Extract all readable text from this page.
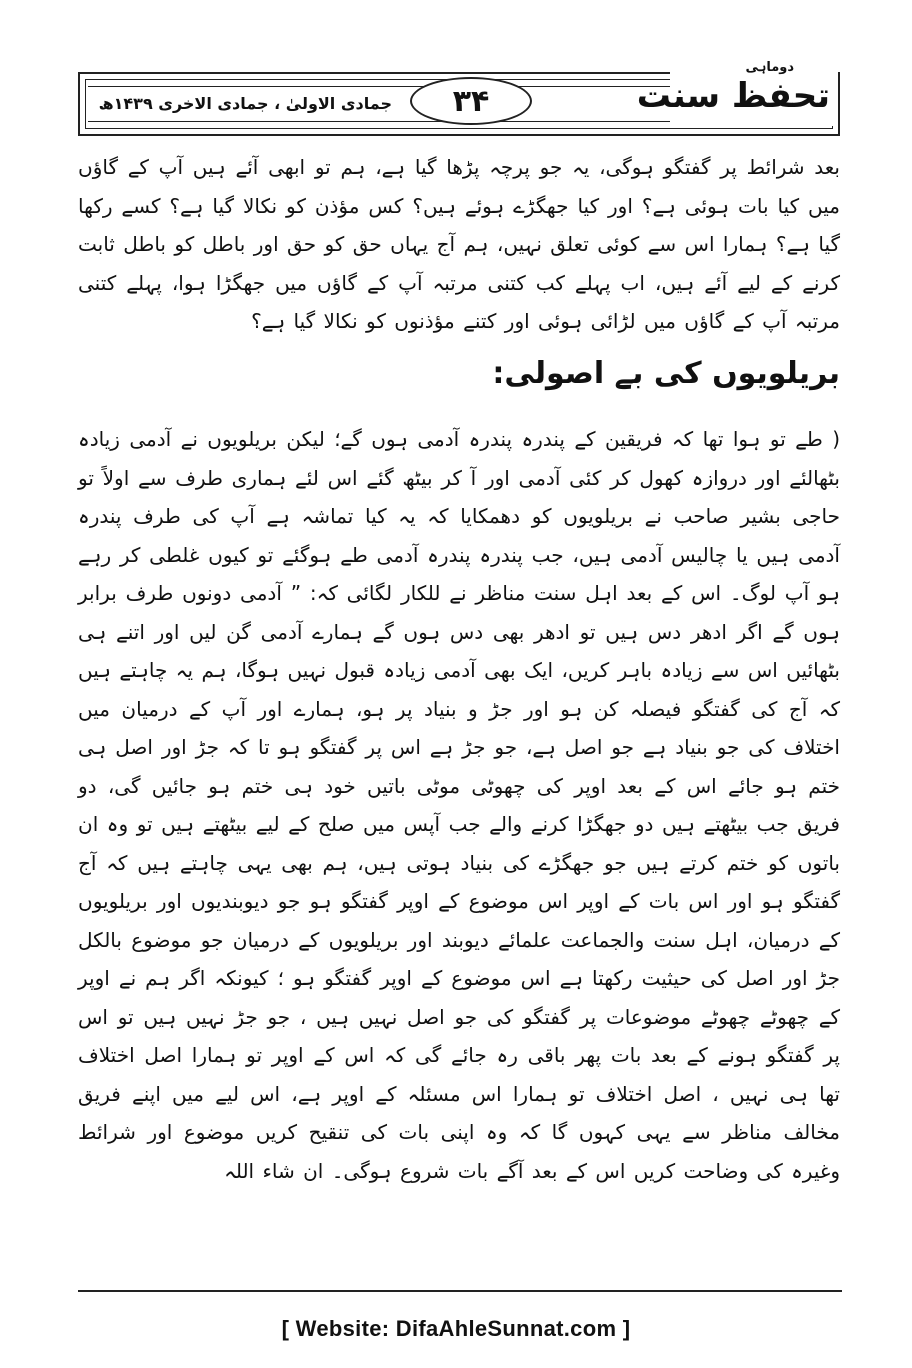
جمادی الاولیٰ ، جمادی الاخری ۱۴۳۹ھ	۳۴
دوماہی
تحفظ سنت
بعد شرائط پر گفتگو ہوگی، یہ جو پرچہ پڑھا گیا ہے، ہم تو ابھی آئے ہیں آپ کے گاؤں میں کیا بات ہوئی ہے؟ اور کیا جھگڑے ہوئے ہیں؟ کس مؤذن کو نکالا گیا ہے؟ کسے رکھا گیا ہے؟ ہمارا اس سے کوئی تعلق نہیں، ہم آج یہاں حق کو حق اور باطل کو باطل ثابت کرنے کے لیے آئے ہیں، اب پہلے کب کتنی مرتبہ آپ کے گاؤں میں جھگڑا ہوا، پہلے کتنی مرتبہ آپ کے گاؤں میں لڑائی ہوئی اور کتنے مؤذنوں کو نکالا گیا ہے؟
بریلویوں کی بے اصولی:
( طے تو ہوا تھا کہ فریقین کے پندرہ پندرہ آدمی ہوں گے؛ لیکن بریلویوں نے آدمی زیادہ بٹھالئے اور دروازہ کھول کر کئی آدمی اور آ کر بیٹھ گئے اس لئے ہماری طرف سے اولاً تو حاجی بشیر صاحب نے بریلویوں کو دھمکایا کہ یہ کیا تماشہ ہے آپ کی طرف پندرہ آدمی ہیں یا چالیس آدمی ہیں، جب پندرہ پندرہ آدمی طے ہوگئے تو کیوں غلطی کر رہے ہو آپ لوگ۔ اس کے بعد اہل سنت مناظر نے للکار لگائی کہ: ” آدمی دونوں طرف برابر ہوں گے اگر ادھر دس ہیں تو ادھر بھی دس ہوں گے ہمارے آدمی گن لیں اور اتنے ہی بٹھائیں اس سے زیادہ باہر کریں، ایک بھی آدمی زیادہ قبول نہیں ہوگا، ہم یہ چاہتے ہیں کہ آج کی گفتگو فیصلہ کن ہو اور جڑ و بنیاد پر ہو، ہمارے اور آپ کے درمیان میں اختلاف کی جو بنیاد ہے جو اصل ہے، جو جڑ ہے اس پر گفتگو ہو تا کہ جڑ اور اصل ہی ختم ہو جائے اس کے بعد اوپر کی چھوٹی موٹی باتیں خود ہی ختم ہو جائیں گی، دو فریق جب بیٹھتے ہیں دو جھگڑا کرنے والے جب آپس میں صلح کے لیے بیٹھتے ہیں تو وہ ان باتوں کو ختم کرتے ہیں جو جھگڑے کی بنیاد ہوتی ہیں، ہم بھی یہی چاہتے ہیں کہ آج گفتگو ہو اور اس بات کے اوپر اس موضوع کے اوپر گفتگو ہو جو دیوبندیوں اور بریلویوں کے درمیان، اہل سنت والجماعت علمائے دیوبند اور بریلویوں کے درمیان جو موضوع بالکل جڑ اور اصل کی حیثیت رکھتا ہے اس موضوع کے اوپر گفتگو ہو ؛ کیونکہ اگر ہم نے اوپر کے چھوٹے چھوٹے موضوعات پر گفتگو کی جو اصل نہیں ہیں ، جو جڑ نہیں ہیں تو اس پر گفتگو ہونے کے بعد بات پھر باقی رہ جائے گی کہ اس کے اوپر تو ہمارا اصل اختلاف تھا ہی نہیں ، اصل اختلاف تو ہمارا اس مسئلہ کے اوپر ہے، اس لیے میں اپنے فریق مخالف مناظر سے یہی کہوں گا کہ وہ اپنی بات کی تنقیح کریں موضوع اور شرائط وغیرہ کی وضاحت کریں اس کے بعد آگے بات شروع ہوگی۔ ان شاء اللہ
[ Website: DifaAhleSunnat.com ]
